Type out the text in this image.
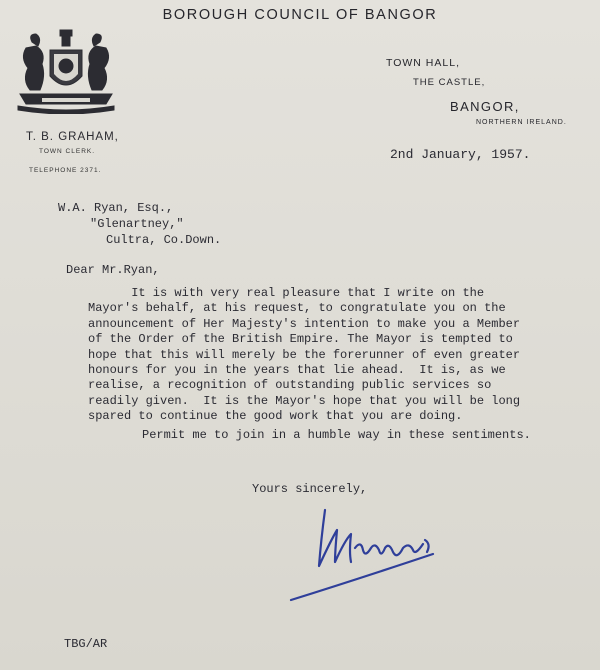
BOROUGH COUNCIL OF BANGOR
T. B. GRAHAM,
TOWN CLERK.
TELEPHONE 2371.
TOWN HALL,
THE CASTLE,
BANGOR,
NORTHERN IRELAND.
2nd January, 1957.
W.A. Ryan, Esq.,
"Glenartney,"
Cultra, Co.Down.
Dear Mr.Ryan,
It is with very real pleasure that I write on the
Mayor's behalf, at his request, to congratulate you on the
announcement of Her Majesty's intention to make you a Member
of the Order of the British Empire. The Mayor is tempted to
hope that this will merely be the forerunner of even greater
honours for you in the years that lie ahead.  It is, as we
realise, a recognition of outstanding public services so
readily given.  It is the Mayor's hope that you will be long
spared to continue the good work that you are doing.
Permit me to join in a humble way in these sentiments.
Yours sincerely,
TBG/AR
